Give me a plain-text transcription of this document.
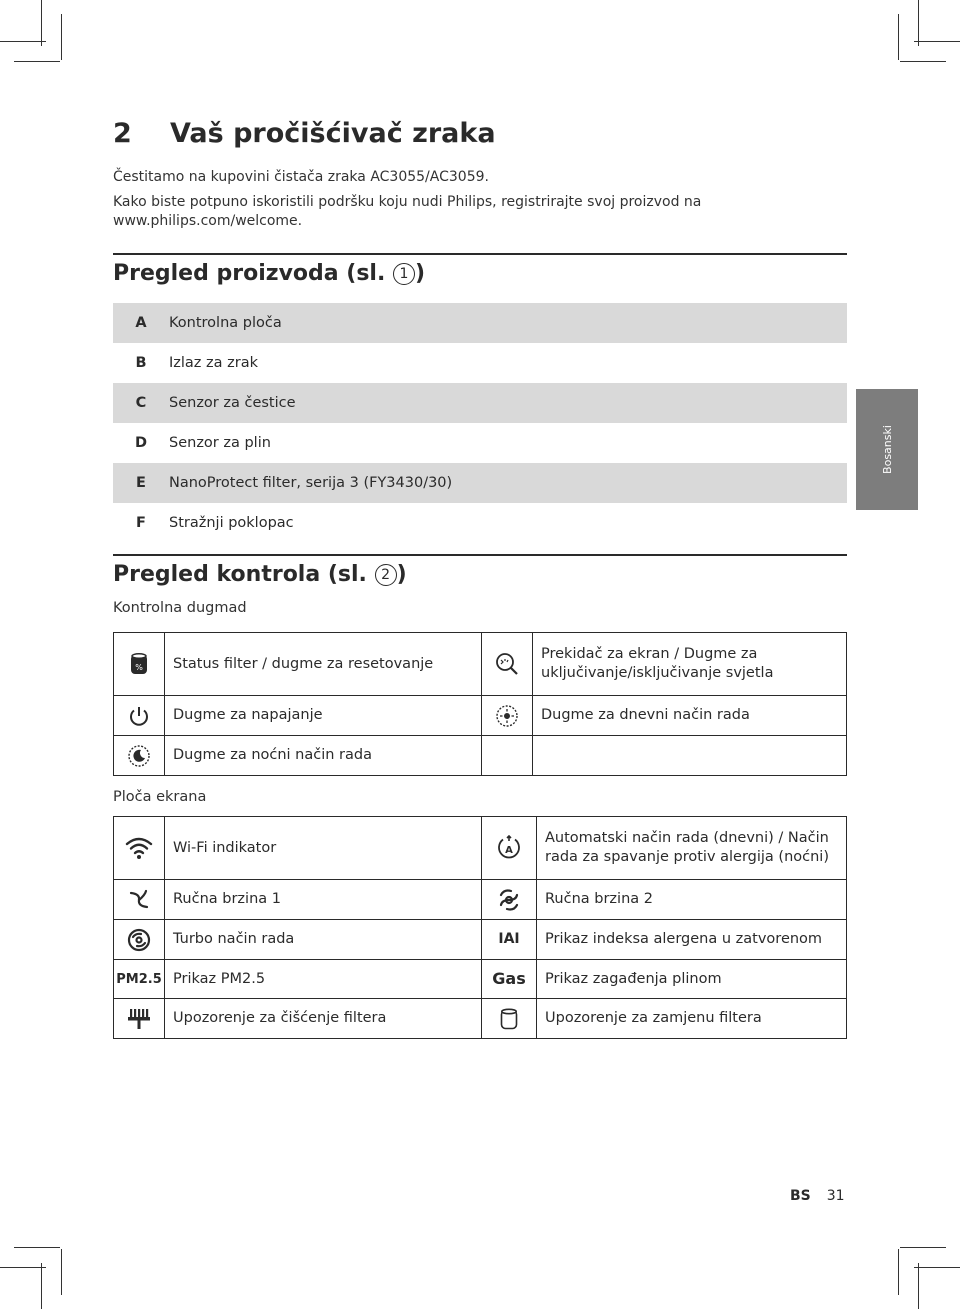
2 Vaš pročišćivač zraka
Čestitamo na kupovini čistača zraka AC3055/AC3059.
Kako biste potpuno iskoristili podršku koju nudi Philips, registrirajte svoj proizvod na www.philips.com/welcome.
Pregled proizvoda (sl. 1 )
A	Kontrolna ploča
B	Izlaz za zrak
C	Senzor za čestice
D	Senzor za plin
E	NanoProtect filter, serija 3 (FY3430/30)
F	Stražnji poklopac
Pregled kontrola (sl. 2 )
Kontrolna dugmad
%	Status filter / dugme za resetovanje		Prekidač za ekran / Dugme za uključivanje/isključivanje svjetla

	Dugme za napajanje		Dugme za dnevni način rada

	Dugme za noćni način rada		
Ploča ekrana
	Wi-Fi indikator	A	Automatski način rada (dnevni) / Način rada za spavanje protiv alergija (noćni)

	Ručna brzina 1		Ručna brzina 2

	Turbo način rada	IAI	Prikaz indeksa alergena u zatvorenom
PM2.5	Prikaz PM2.5	Gas	Prikaz zagađenja plinom

	Upozorenje za čišćenje filtera		Upozorenje za zamjenu filtera
Bosanski
BS 31
